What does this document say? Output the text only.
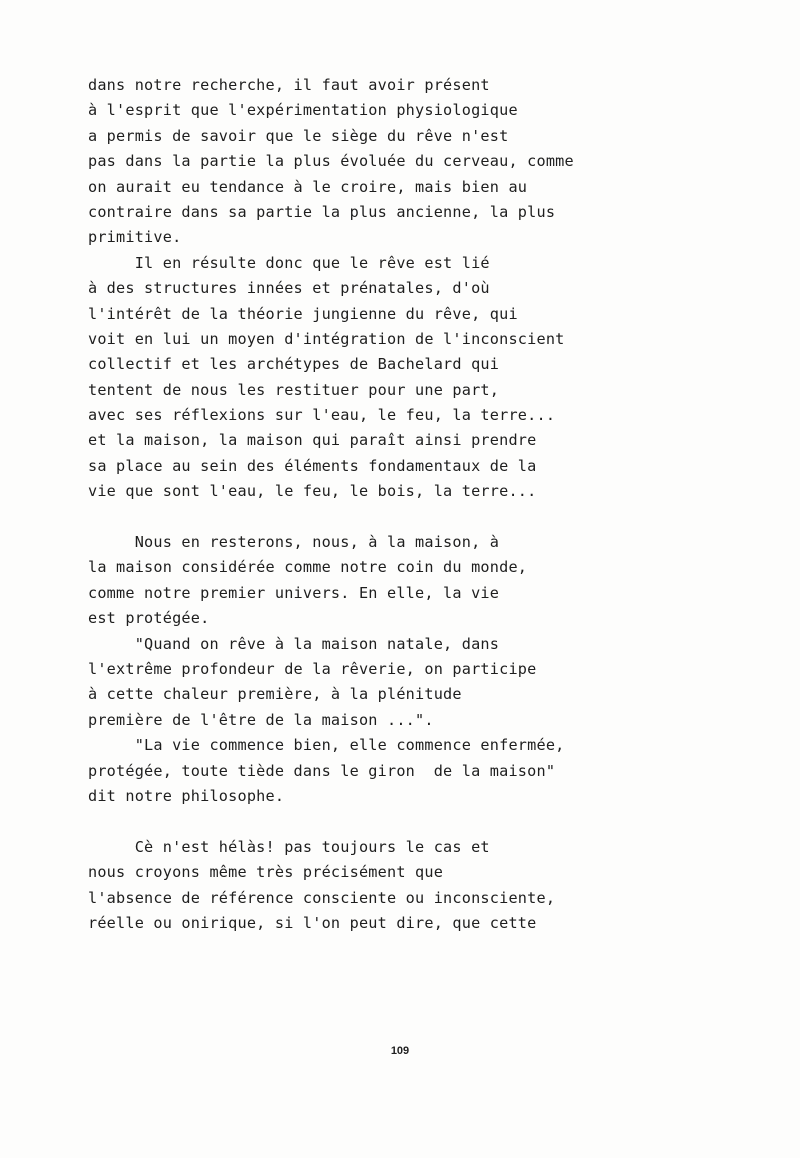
dans notre recherche, il faut avoir présent
à l'esprit que l'expérimentation physiologique
a permis de savoir que le siège du rêve n'est
pas dans la partie la plus évoluée du cerveau, comme
on aurait eu tendance à le croire, mais bien au
contraire dans sa partie la plus ancienne, la plus
primitive.
Il en résulte donc que le rêve est lié
à des structures innées et prénatales, d'où
l'intérêt de la théorie jungienne du rêve, qui
voit en lui un moyen d'intégration de l'inconscient
collectif et les archétypes de Bachelard qui
tentent de nous les restituer pour une part,
avec ses réflexions sur l'eau, le feu, la terre...
et la maison, la maison qui paraît ainsi prendre
sa place au sein des éléments fondamentaux de la
vie que sont l'eau, le feu, le bois, la terre...
Nous en resterons, nous, à la maison, à
la maison considérée comme notre coin du monde,
comme notre premier univers. En elle, la vie
est protégée.
"Quand on rêve à la maison natale, dans
l'extrême profondeur de la rêverie, on participe
à cette chaleur première, à la plénitude
première de l'être de la maison ...".
"La vie commence bien, elle commence enfermée,
protégée, toute tiède dans le giron  de la maison"
dit notre philosophe.
Cè n'est hélàs! pas toujours le cas et
nous croyons même très précisément que
l'absence de référence consciente ou inconsciente,
réelle ou onirique, si l'on peut dire, que cette
109
